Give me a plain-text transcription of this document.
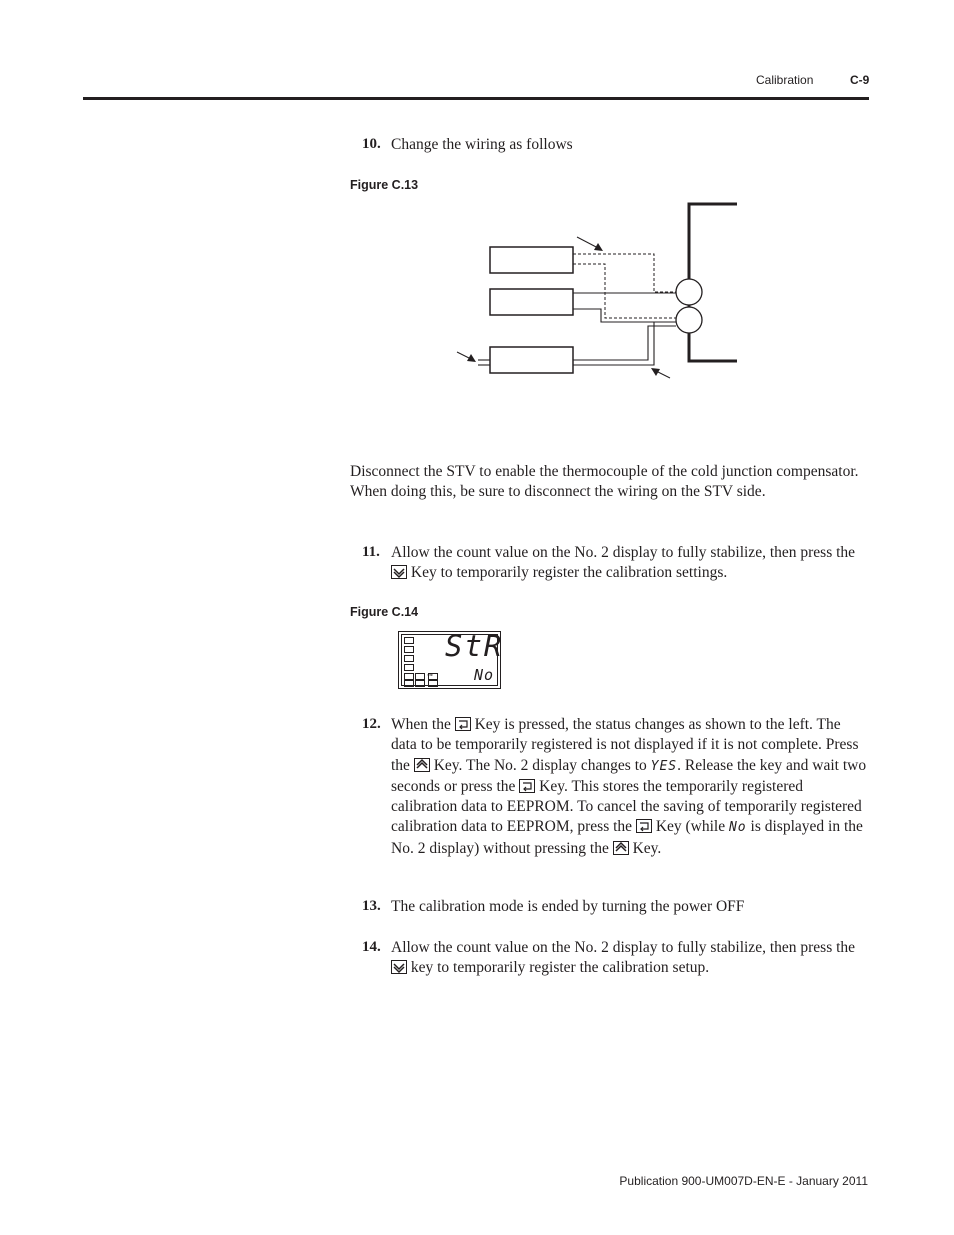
Calibration	C-9
10. Change the wiring as follows
Figure C.13
Disconnect the STV to enable the thermocouple of the cold junction compensator. When doing this, be sure to disconnect the wiring on the STV side.
11. Allow the count value on the No. 2 display to fully stabilize, then press the  Key to temporarily register the calibration settings.
Figure C.14
⊸
StR
No
12. When the Key is pressed, the status changes as shown to the left. The data to be temporarily registered is not displayed if it is not complete. Press the Key. The No. 2 display changes to YES. Release the key and wait two seconds or press the Key. This stores the temporarily registered calibration data to EEPROM. To cancel the saving of temporarily registered calibration data to EEPROM, press the Key (while No is displayed in the No. 2 display) without pressing the Key.
13. The calibration mode is ended by turning the power OFF
14. Allow the count value on the No. 2 display to fully stabilize, then press the  key to temporarily register the calibration setup.
Publication 900-UM007D-EN-E - January 2011
